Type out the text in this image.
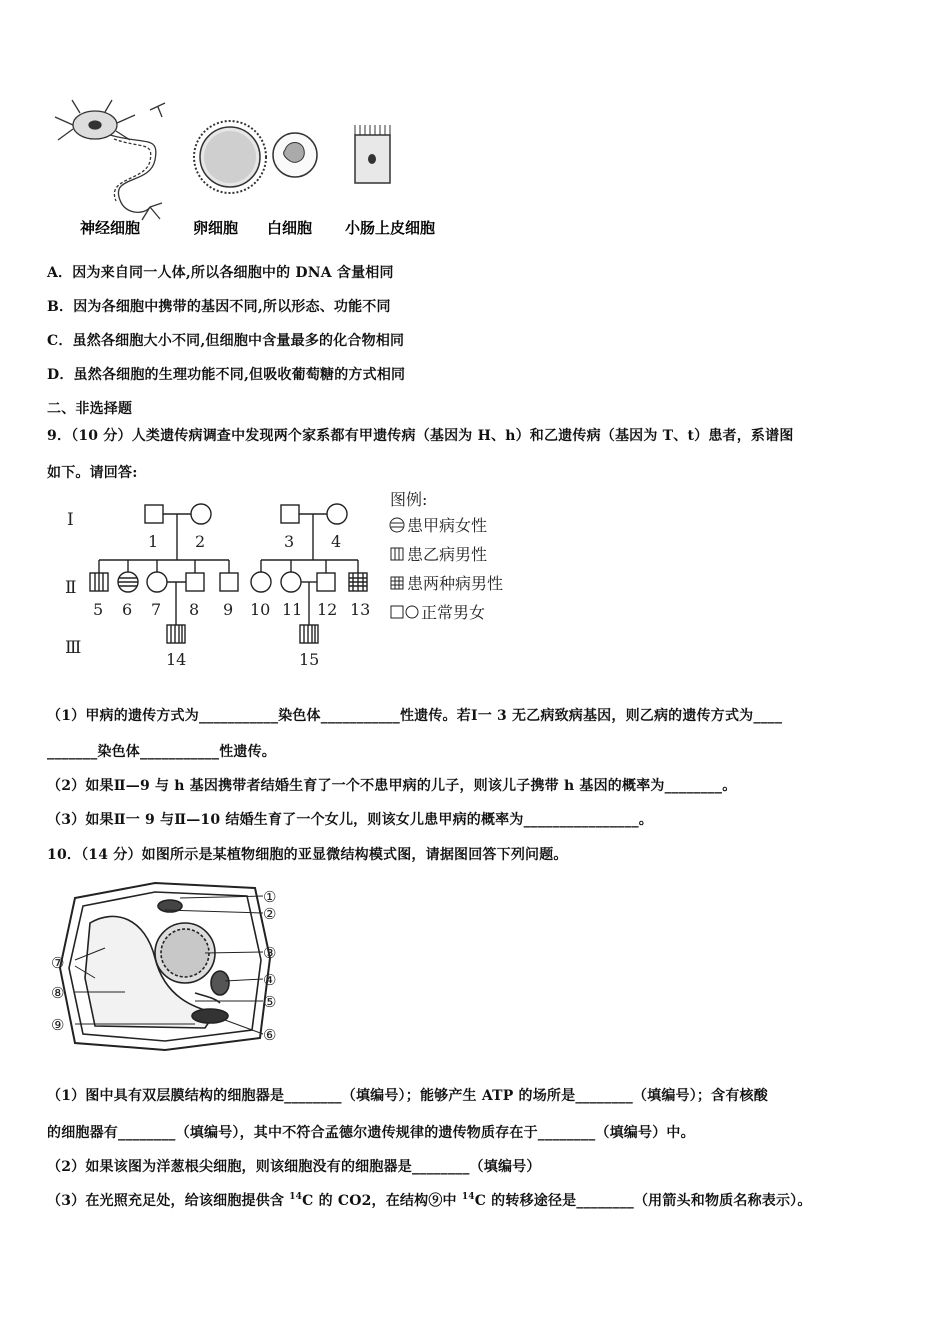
神经细胞	卵细胞 白细胞 小肠上皮细胞
A．因为来自同一人体,所以各细胞中的 DNA 含量相同
B．因为各细胞中携带的基因不同,所以形态、功能不同
C．虽然各细胞大小不同,但细胞中含量最多的化合物相同
D．虽然各细胞的生理功能不同,但吸收葡萄糖的方式相同
二、非选择题
9．（10 分）人类遗传病调查中发现两个家系都有甲遗传病（基因为 H、h）和乙遗传病（基因为 T、t）患者，系谱图
如下。请回答:
Ⅰ
Ⅱ
Ⅲ
1 2	3 4
5 6 7 8 9 10 11 12 13
14	15
图例:
患甲病女性
患乙病男性
患两种病男性
正常男女
（1）甲病的遗传方式为___________染色体___________性遗传。若Ⅰ一 3 无乙病致病基因，则乙病的遗传方式为____
_______染色体___________性遗传。
（2）如果Ⅱ—9 与 h 基因携带者结婚生育了一个不患甲病的儿子，则该儿子携带 h 基因的概率为________。
（3）如果Ⅱ一 9 与Ⅱ—10 结婚生育了一个女儿，则该女儿患甲病的概率为________________。
10．（14 分）如图所示是某植物细胞的亚显微结构模式图，请据图回答下列问题。
①
②
③
④
⑤
⑥
⑦
⑧
⑨
（1）图中具有双层膜结构的细胞器是________（填编号）；能够产生 ATP 的场所是________（填编号）；含有核酸
的细胞器有________（填编号），其中不符合孟德尔遗传规律的遗传物质存在于________（填编号）中。
（2）如果该图为洋葱根尖细胞，则该细胞没有的细胞器是________（填编号）
（3）在光照充足处，给该细胞提供含 $^{14}$C 的 CO2，在结构⑨中 $^{14}$C 的转移途径是________（用箭头和物质名称表示）。
